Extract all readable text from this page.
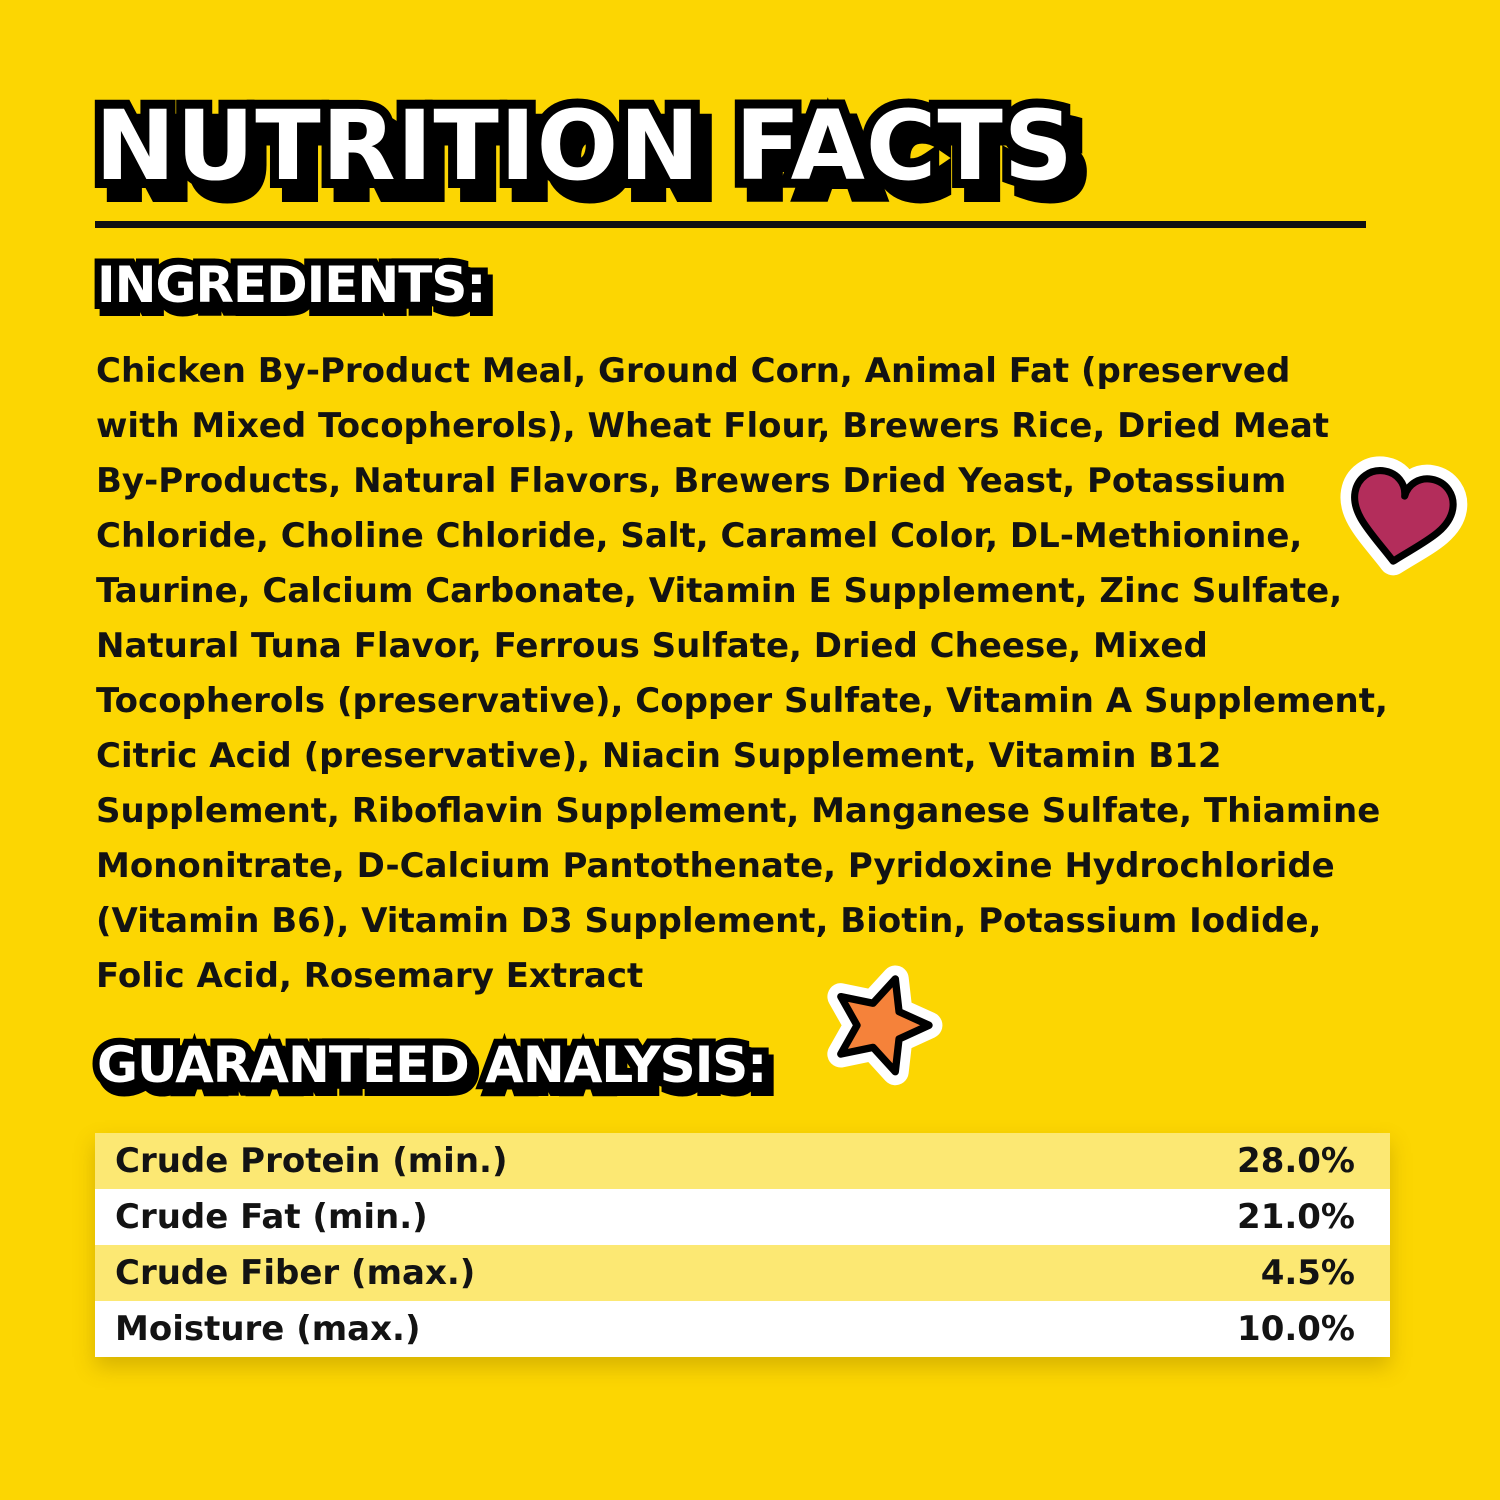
NUTRITION FACTS NUTRITION FACTS NUTRITION FACTS
INGREDIENTS: INGREDIENTS: INGREDIENTS:
Chicken By-Product Meal, Ground Corn, Animal Fat (preserved
with Mixed Tocopherols), Wheat Flour, Brewers Rice, Dried Meat
By-Products, Natural Flavors, Brewers Dried Yeast, Potassium
Chloride, Choline Chloride, Salt, Caramel Color, DL-Methionine,
Taurine, Calcium Carbonate, Vitamin E Supplement, Zinc Sulfate,
Natural Tuna Flavor, Ferrous Sulfate, Dried Cheese, Mixed
Tocopherols (preservative), Copper Sulfate, Vitamin A Supplement,
Citric Acid (preservative), Niacin Supplement, Vitamin B12
Supplement, Riboflavin Supplement, Manganese Sulfate, Thiamine
Mononitrate, D-Calcium Pantothenate, Pyridoxine Hydrochloride
(Vitamin B6), Vitamin D3 Supplement, Biotin, Potassium Iodide,
Folic Acid, Rosemary Extract
GUARANTEED ANALYSIS: GUARANTEED ANALYSIS: GUARANTEED ANALYSIS:
Crude Protein (min.)	28.0%
Crude Fat (min.)	21.0%
Crude Fiber (max.)	4.5%
Moisture (max.)	10.0%
